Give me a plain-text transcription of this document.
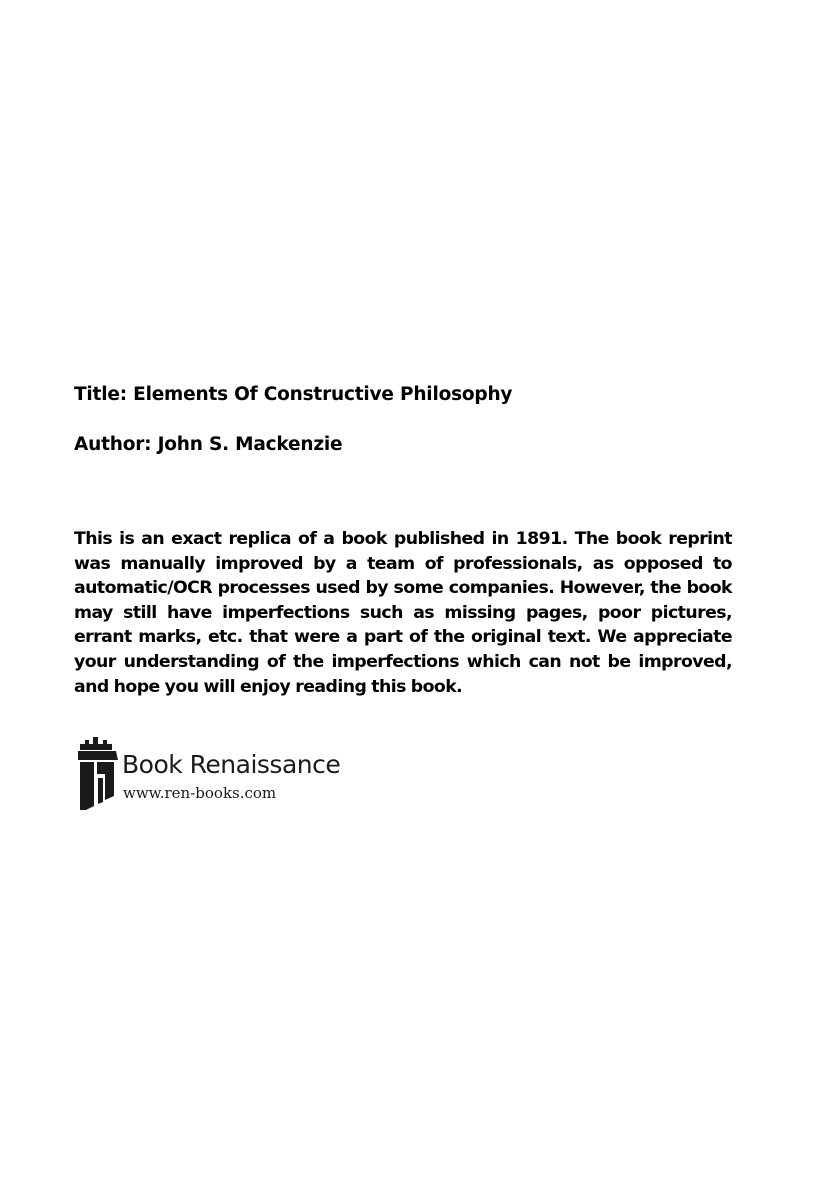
Title: Elements Of Constructive Philosophy
Author: John S. Mackenzie

This is an exact replica of a book published in 1891. The book reprint was manually improved by a team of professionals, as opposed to automatic/OCR processes used by some companies. However, the book may still have imperfections such as missing pages, poor pictures, errant marks, etc. that were a part of the original text. We appreciate your understanding of the imperfections which can not be improved, and hope you will enjoy reading this book.

Book Renaissance
www.ren-books.com
